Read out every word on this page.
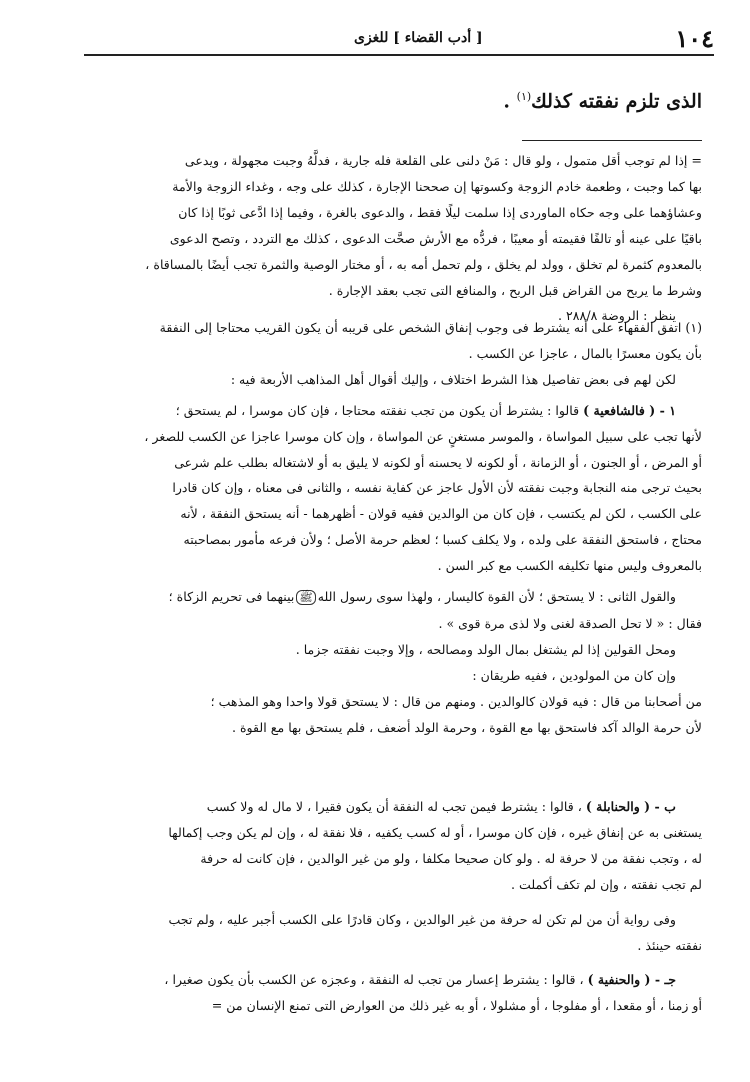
١٠٤
[ أدب القضاء ] للغزى
الذى تلزم نفقته كذلك$^{(١)}$ .

= إذا لم توجب أقل متمول ، ولو قال : مَنْ دلنى على القلعة فله جارية ، فدلَّهُ وجبت مجهولة ، ويدعى

بها كما وجبت ، وطعمة خادم الزوجة وكسوتها إن صححنا الإجارة ، كذلك على وجه ، وغداء الزوجة والأمة

وعشاؤهما على وجه حكاه الماوردى إذا سلمت ليلًا فقط ، والدعوى بالغرة ، وفيما إذا ادَّعى ثوبًا إذا كان

باقيًا على عينه أو تالفًا فقيمته أو معيبًا ، فردُّه مع الأرش صحَّت الدعوى ، كذلك مع التردد ، وتصح الدعوى

بالمعدوم كثمرة لم تخلق ، وولد لم يخلق ، ولم تحمل أمه به ، أو مختار الوصية والثمرة تجب أيضًا بالمساقاة ،

وشرط ما يربح من القراض قبل الربح ، والمنافع التى تجب بعقد الإجارة .

ينظر : الروضة ٢٨٨/٨ .

(١) اتفق الفقهاء على أنه يشترط فى وجوب إنفاق الشخص على قريبه أن يكون القريب محتاجا إلى النفقة

بأن يكون معسرًا بالمال ، عاجزا عن الكسب .

لكن لهم فى بعض تفاصيل هذا الشرط اختلاف ، وإليك أقوال أهل المذاهب الأربعة فيه :

١ - ( فالشافعية ) قالوا : يشترط أن يكون من تجب نفقته محتاجا ، فإن كان موسرا ، لم يستحق ؛

لأنها تجب على سبيل المواساة ، والموسر مستغنٍ عن المواساة ، وإن كان موسرا عاجزا عن الكسب للصغر ،

أو المرض ، أو الجنون ، أو الزمانة ، أو لكونه لا يحسنه أو لكونه لا يليق به أو لاشتغاله بطلب علم شرعى

بحيث ترجى منه النجابة وجبت نفقته لأن الأول عاجز عن كفاية نفسه ، والثانى فى معناه ، وإن كان قادرا

على الكسب ، لكن لم يكتسب ، فإن كان من الوالدين ففيه قولان - أظهرهما - أنه يستحق النفقة ، لأنه

محتاج ، فاستحق النفقة على ولده ، ولا يكلف كسبا ؛ لعظم حرمة الأصل ؛ ولأن فرعه مأمور بمصاحبته

بالمعروف وليس منها تكليفه الكسب مع كبر السن .

والقول الثانى : لا يستحق ؛ لأن القوة كاليسار ، ولهذا سوى رسول اللهﷺبينهما فى تحريم الزكاة ؛

فقال : « لا تحل الصدقة لغنى ولا لذى مرة قوى » .

ومحل القولين إذا لم يشتغل بمال الولد ومصالحه ، وإلا وجبت نفقته جزما .

وإن كان من المولودين ، ففيه طريقان :

من أصحابنا من قال : فيه قولان كالوالدين . ومنهم من قال : لا يستحق قولا واحدا وهو المذهب ؛

لأن حرمة الوالد آكد فاستحق بها مع القوة ، وحرمة الولد أضعف ، فلم يستحق بها مع القوة .

ب - ( والحنابلة ) ، قالوا : يشترط فيمن تجب له النفقة أن يكون فقيرا ، لا مال له ولا كسب

يستغنى به عن إنفاق غيره ، فإن كان موسرا ، أو له كسب يكفيه ، فلا نفقة له ، وإن لم يكن وجب إكمالها

له ، وتجب نفقة من لا حرفة له . ولو كان صحيحا مكلفا ، ولو من غير الوالدين ، فإن كانت له حرفة

لم تجب نفقته ، وإن لم تكف أكملت .

وفى رواية أن من لم تكن له حرفة من غير الوالدين ، وكان قادرًا على الكسب أجبر عليه ، ولم تجب

نفقته حينئذ .

جـ - ( والحنفية ) ، قالوا : يشترط إعسار من تجب له النفقة ، وعجزه عن الكسب بأن يكون صغيرا ،

أو زمنا ، أو مقعدا ، أو مفلوجا ، أو مشلولا ، أو به غير ذلك من العوارض التى تمنع الإنسان من =
